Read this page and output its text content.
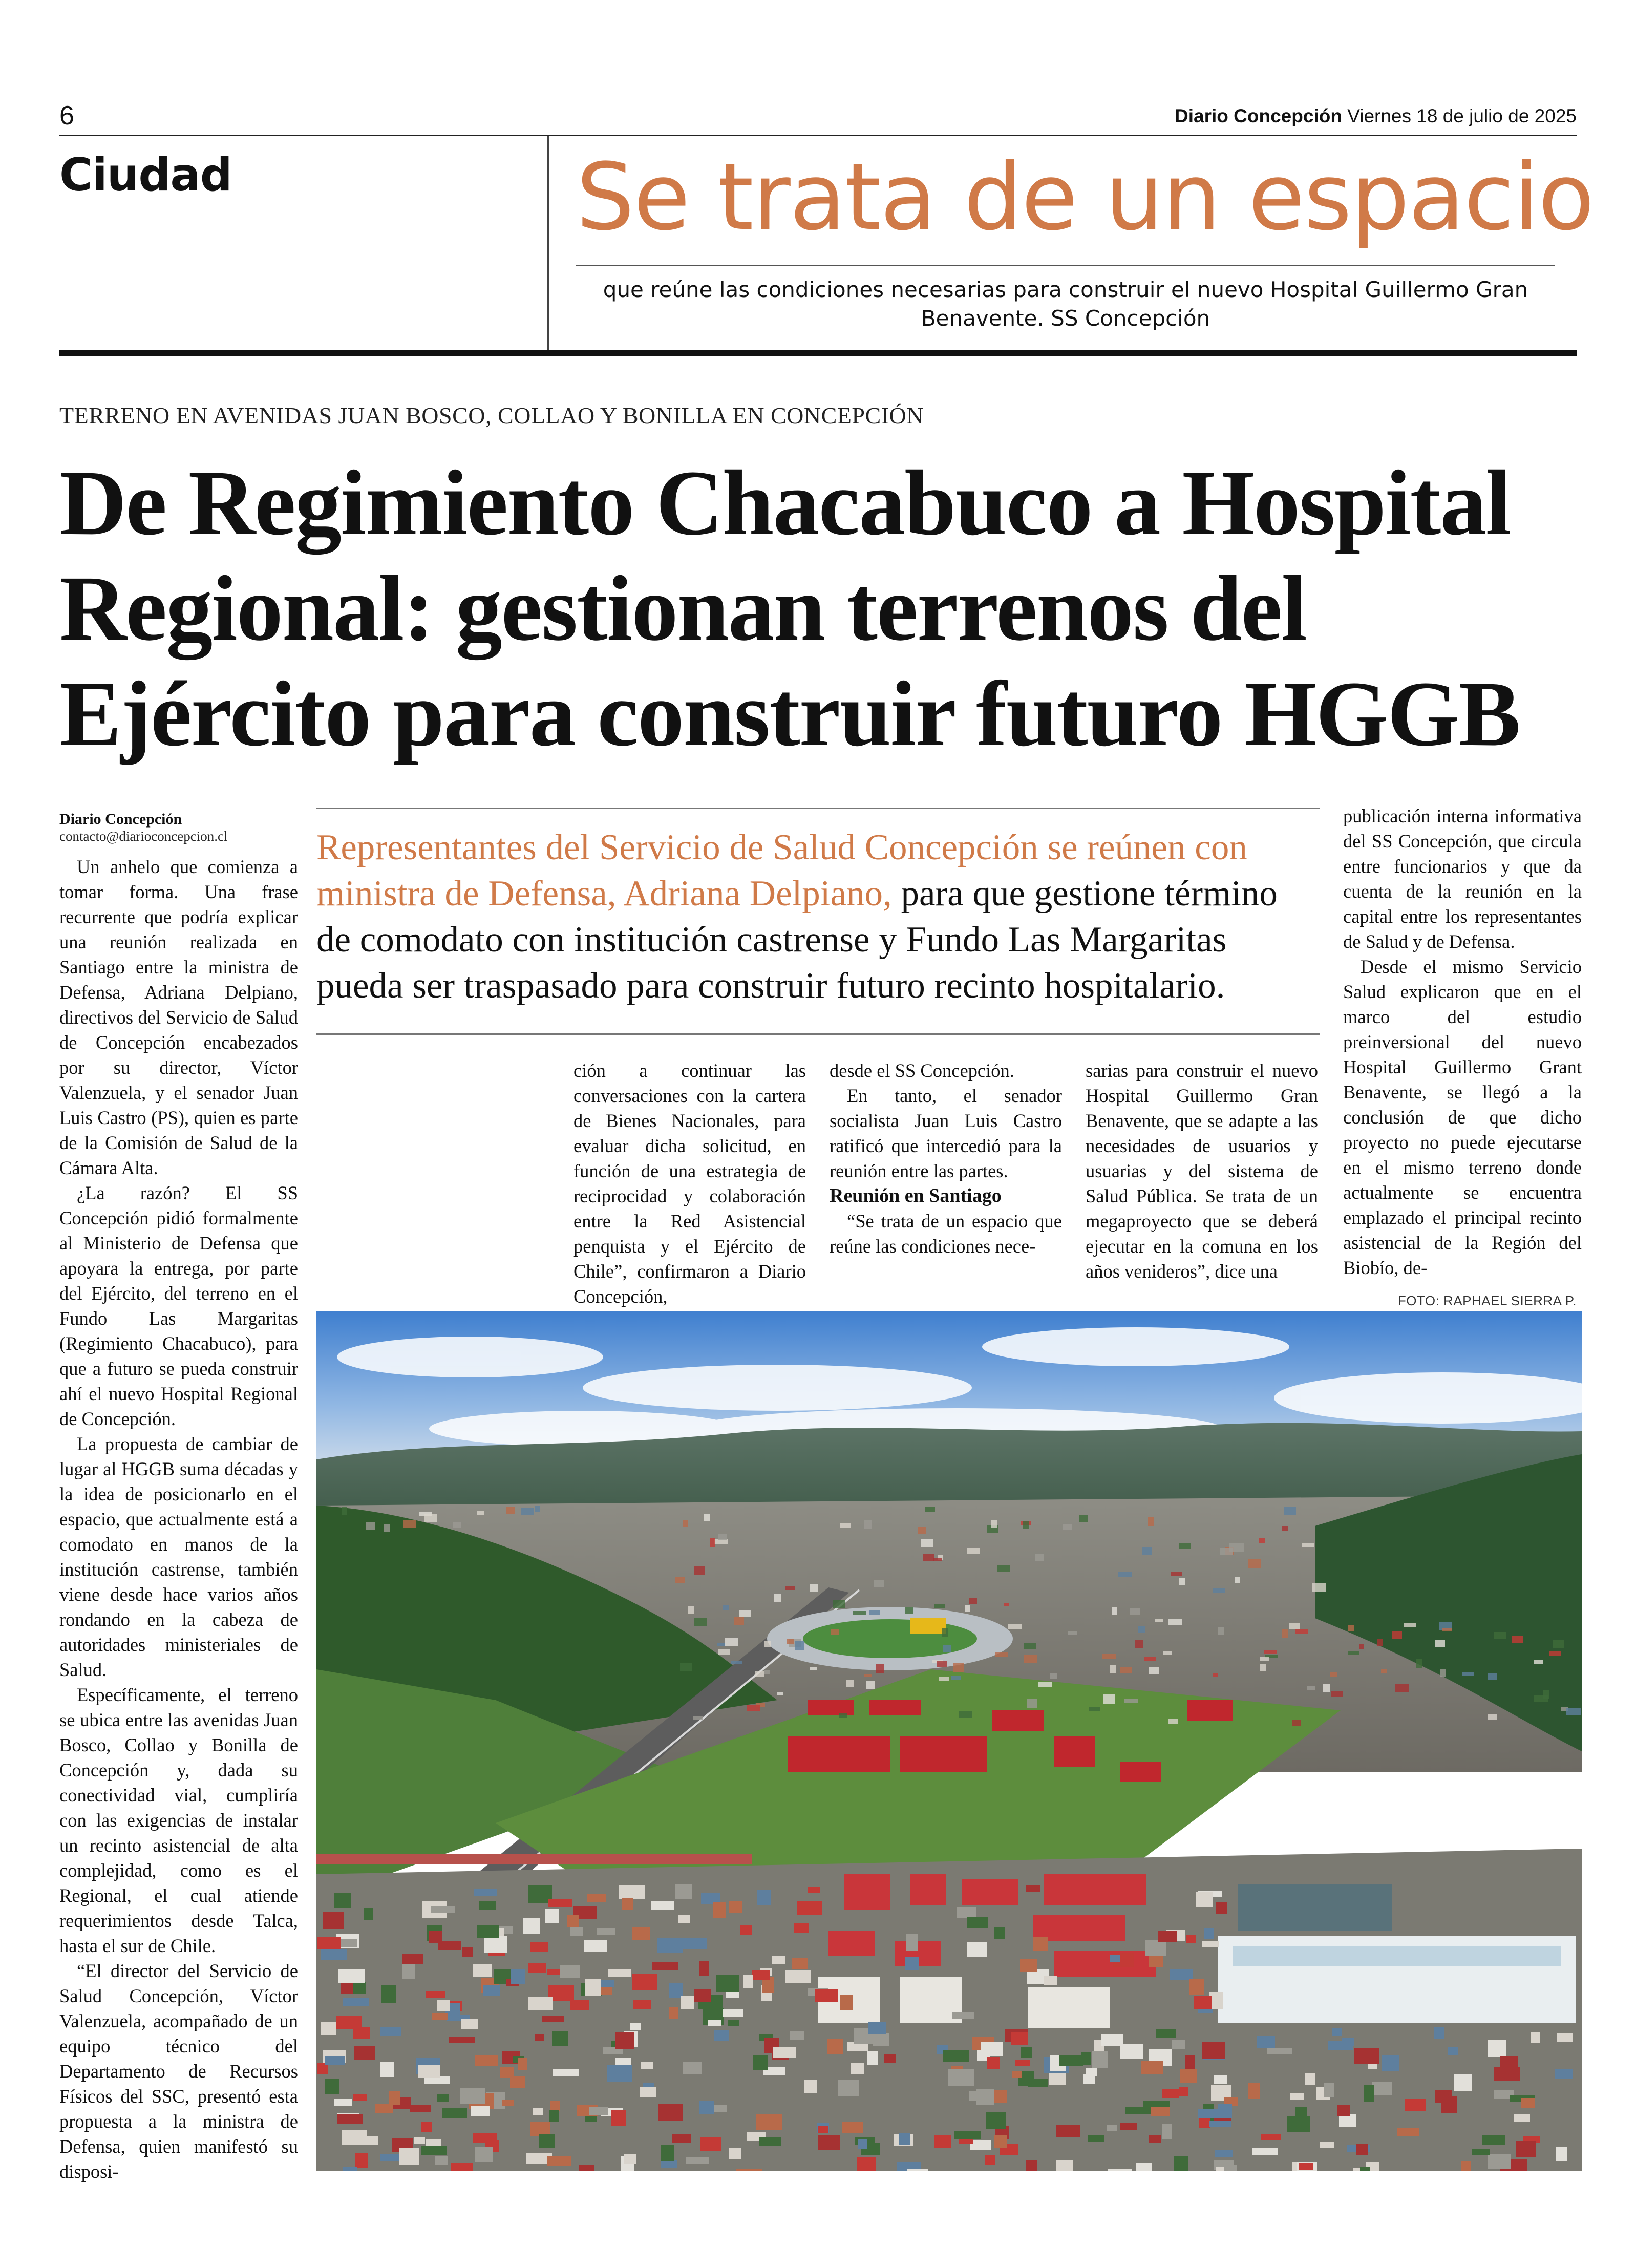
6	Diario Concepción Viernes 18 de julio de 2025
Ciudad	Se trata de un espacio
que reúne las condiciones necesarias para construir el nuevo Hospital Guillermo Gran Benavente. SS Concepción
TERRENO EN AVENIDAS JUAN BOSCO, COLLAO Y BONILLA EN CONCEPCIÓN
De Regimiento Chacabuco a Hospital Regional: gestionan terrenos del Ejército para construir futuro HGGB
Representantes del Servicio de Salud Concepción se reúnen con ministra de Defensa, Adriana Delpiano, para que gestione término de comodato con institución castrense y Fundo Las Margaritas pueda ser traspasado para construir futuro recinto hospitalario.
Diario Concepción
contacto@diarioconcepcion.cl

Un anhelo que comienza a tomar forma. Una frase recurrente que podría explicar una reunión realizada en Santiago entre la ministra de Defensa, Adriana Delpiano, directivos del Servicio de Salud de Concepción encabezados por su director, Víctor Valenzuela, y el senador Juan Luis Castro (PS), quien es parte de la Comisión de Salud de la Cámara Alta.

¿La razón? El SS Concepción pidió formalmente al Ministerio de Defensa que apoyara la entrega, por parte del Ejército, del terreno en el Fundo Las Margaritas (Regimiento Chacabuco), para que a futuro se pueda construir ahí el nuevo Hospital Regional de Concepción.

La propuesta de cambiar de lugar al HGGB suma décadas y la idea de posicionarlo en el espacio, que actualmente está a comodato en manos de la institución castrense, también viene desde hace varios años rondando en la cabeza de autoridades ministeriales de Salud.

Específicamente, el terreno se ubica entre las avenidas Juan Bosco, Collao y Bonilla de Concepción y, dada su conectividad vial, cumpliría con las exigencias de instalar un recinto asistencial de alta complejidad, como es el Regional, el cual atiende requerimientos desde Talca, hasta el sur de Chile.

“El director del Servicio de Salud Concepción, Víctor Valenzuela, acompañado de un equipo técnico del Departamento de Recursos Físicos del SSC, presentó esta propuesta a la ministra de Defensa, quien manifestó su disposi-

ción a continuar las conversaciones con la cartera de Bienes Nacionales, para evaluar dicha solicitud, en función de una estrategia de reciprocidad y colaboración entre la Red Asistencial penquista y el Ejército de Chile”, confirmaron a Diario Concepción,

desde el SS Concepción.

En tanto, el senador socialista Juan Luis Castro ratificó que intercedió para la reunión entre las partes.

Reunión en Santiago

“Se trata de un espacio que reúne las condiciones nece-

sarias para construir el nuevo Hospital Guillermo Gran Benavente, que se adapte a las necesidades de usuarios y usuarias y del sistema de Salud Pública. Se trata de un megaproyecto que se deberá ejecutar en la comuna en los años venideros”, dice una

publicación interna informativa del SS Concepción, que circula entre funcionarios y que da cuenta de la reunión en la capital entre los representantes de Salud y de Defensa.

Desde el mismo Servicio Salud explicaron que en el marco del estudio preinversional del nuevo Hospital Guillermo Grant Benavente, se llegó a la conclusión de que dicho proyecto no puede ejecutarse en el mismo terreno donde actualmente se encuentra emplazado el principal recinto asistencial de la Región del Biobío, de-

FOTO: RAPHAEL SIERRA P.
